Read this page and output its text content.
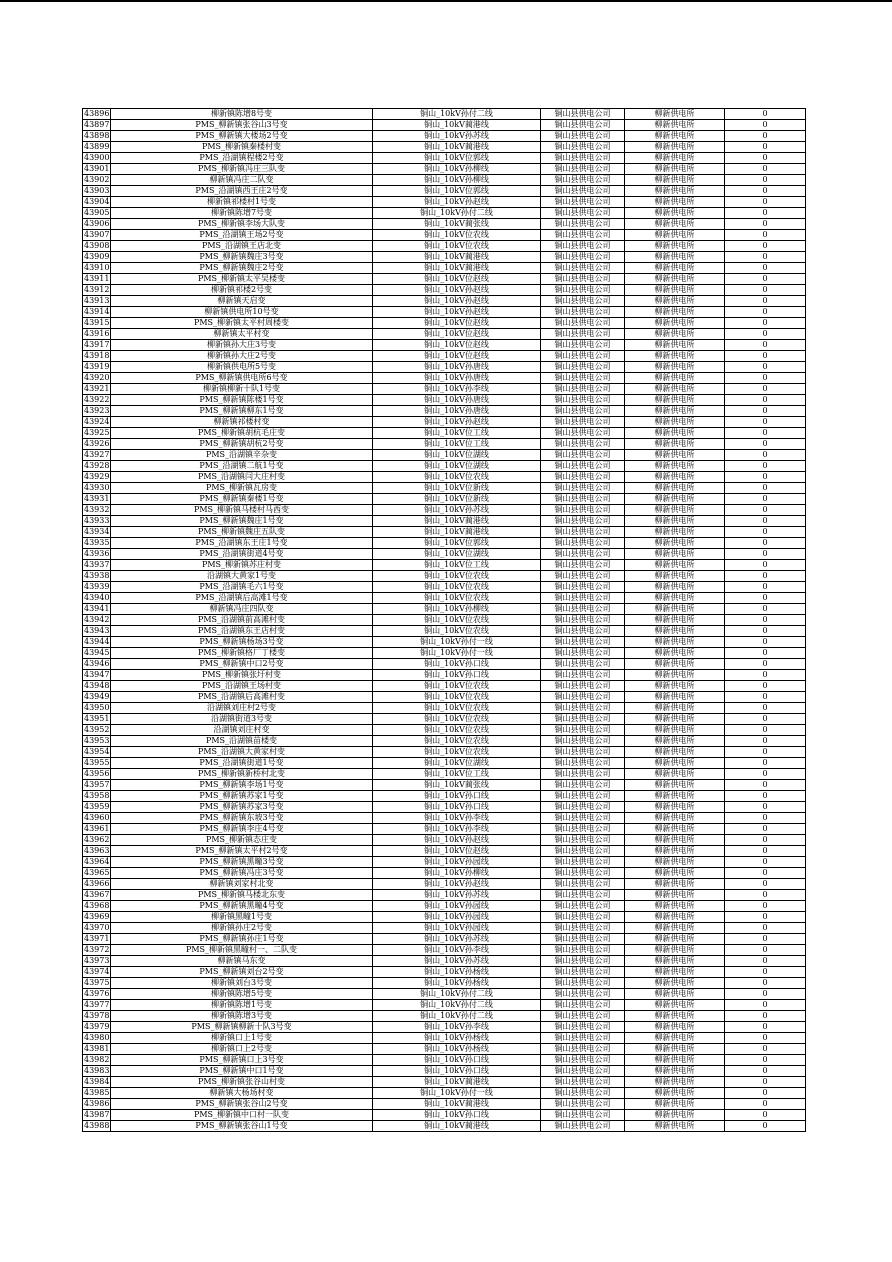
43896	柳新镇陈增8号变	铜山_10kV孙付二线	铜山县供电公司	柳新供电所	0
43897	PMS_柳新镇张谷山3号变	铜山_10kV蔺港线	铜山县供电公司	柳新供电所	0
43898	PMS_柳新镇大楼场2号变	铜山_10kV孙苏线	铜山县供电公司	柳新供电所	0
43899	PMS_柳新镇秦楼村变	铜山_10kV蔺港线	铜山县供电公司	柳新供电所	0
43900	PMS_沿湖镇程楼2号变	铜山_10kV位郭线	铜山县供电公司	柳新供电所	0
43901	PMS_柳新镇冯庄三队变	铜山_10kV孙柳线	铜山县供电公司	柳新供电所	0
43902	柳新镇冯庄二队变	铜山_10kV孙柳线	铜山县供电公司	柳新供电所	0
43903	PMS_沿湖镇西王庄2号变	铜山_10kV位郭线	铜山县供电公司	柳新供电所	0
43904	柳新镇祁楼村1号变	铜山_10kV孙赵线	铜山县供电公司	柳新供电所	0
43905	柳新镇陈增7号变	铜山_10kV孙付二线	铜山县供电公司	柳新供电所	0
43906	PMS_柳新镇李场大队变	铜山_10kV蔺张线	铜山县供电公司	柳新供电所	0
43907	PMS_沿湖镇王场2号变	铜山_10kV位农线	铜山县供电公司	柳新供电所	0
43908	PMS_沿湖镇王店北变	铜山_10kV位农线	铜山县供电公司	柳新供电所	0
43909	PMS_柳新镇魏庄3号变	铜山_10kV蔺港线	铜山县供电公司	柳新供电所	0
43910	PMS_柳新镇魏庄2号变	铜山_10kV蔺港线	铜山县供电公司	柳新供电所	0
43911	PMS_柳新镇太平吴楼变	铜山_10kV位赵线	铜山县供电公司	柳新供电所	0
43912	柳新镇祁楼2号变	铜山_10kV孙赵线	铜山县供电公司	柳新供电所	0
43913	柳新镇天启变	铜山_10kV孙赵线	铜山县供电公司	柳新供电所	0
43914	柳新镇供电所10号变	铜山_10kV孙赵线	铜山县供电公司	柳新供电所	0
43915	PMS_柳新镇太平村周楼变	铜山_10kV位赵线	铜山县供电公司	柳新供电所	0
43916	柳新镇太平村变	铜山_10kV位赵线	铜山县供电公司	柳新供电所	0
43917	柳新镇孙大庄3号变	铜山_10kV位赵线	铜山县供电公司	柳新供电所	0
43918	柳新镇孙大庄2号变	铜山_10kV位赵线	铜山县供电公司	柳新供电所	0
43919	柳新镇供电所5号变	铜山_10kV孙唐线	铜山县供电公司	柳新供电所	0
43920	PMS_柳新镇供电所6号变	铜山_10kV孙唐线	铜山县供电公司	柳新供电所	0
43921	柳新镇柳新十队1号变	铜山_10kV孙李线	铜山县供电公司	柳新供电所	0
43922	PMS_柳新镇陈楼1号变	铜山_10kV孙唐线	铜山县供电公司	柳新供电所	0
43923	PMS_柳新镇柳东1号变	铜山_10kV孙唐线	铜山县供电公司	柳新供电所	0
43924	柳新镇祁楼村变	铜山_10kV孙赵线	铜山县供电公司	柳新供电所	0
43925	PMS_柳新镇胡杭毛庄变	铜山_10kV位工线	铜山县供电公司	柳新供电所	0
43926	PMS_柳新镇胡杭2号变	铜山_10kV位工线	铜山县供电公司	柳新供电所	0
43927	PMS_沿湖镇辛杂变	铜山_10kV位湖线	铜山县供电公司	柳新供电所	0
43928	PMS_沿湖镇二航1号变	铜山_10kV位湖线	铜山县供电公司	柳新供电所	0
43929	PMS_沿湖镇闫大庄村变	铜山_10kV位农线	铜山县供电公司	柳新供电所	0
43930	PMS_柳新镇瓦房变	铜山_10kV位新线	铜山县供电公司	柳新供电所	0
43931	PMS_柳新镇秦楼1号变	铜山_10kV位新线	铜山县供电公司	柳新供电所	0
43932	PMS_柳新镇马楼村马西变	铜山_10kV孙苏线	铜山县供电公司	柳新供电所	0
43933	PMS_柳新镇魏庄1号变	铜山_10kV蔺港线	铜山县供电公司	柳新供电所	0
43934	PMS_柳新镇魏庄五队变	铜山_10kV蔺港线	铜山县供电公司	柳新供电所	0
43935	PMS_沿湖镇东王庄1号变	铜山_10kV位郭线	铜山县供电公司	柳新供电所	0
43936	PMS_沿湖镇街道4号变	铜山_10kV位湖线	铜山县供电公司	柳新供电所	0
43937	PMS_柳新镇苏庄村变	铜山_10kV位工线	铜山县供电公司	柳新供电所	0
43938	沿湖镇大黄家1号变	铜山_10kV位农线	铜山县供电公司	柳新供电所	0
43939	PMS_沿湖镇毛六1号变	铜山_10kV位农线	铜山县供电公司	柳新供电所	0
43940	PMS_沿湖镇后高滩1号变	铜山_10kV位农线	铜山县供电公司	柳新供电所	0
43941	柳新镇冯庄四队变	铜山_10kV孙柳线	铜山县供电公司	柳新供电所	0
43942	PMS_沿湖镇前高滩村变	铜山_10kV位农线	铜山县供电公司	柳新供电所	0
43943	PMS_沿湖镇东王店村变	铜山_10kV位农线	铜山县供电公司	柳新供电所	0
43944	PMS_柳新镇杨场3号变	铜山_10kV孙付一线	铜山县供电公司	柳新供电所	0
43945	PMS_柳新镇格厂丁楼变	铜山_10kV孙付一线	铜山县供电公司	柳新供电所	0
43946	PMS_柳新镇中口2号变	铜山_10kV孙口线	铜山县供电公司	柳新供电所	0
43947	PMS_柳新镇张圩村变	铜山_10kV孙口线	铜山县供电公司	柳新供电所	0
43948	PMS_沿湖镇王场村变	铜山_10kV位农线	铜山县供电公司	柳新供电所	0
43949	PMS_沿湖镇后高滩村变	铜山_10kV位农线	铜山县供电公司	柳新供电所	0
43950	沿湖镇刘庄村2号变	铜山_10kV位农线	铜山县供电公司	柳新供电所	0
43951	沿湖镇街道3号变	铜山_10kV位农线	铜山县供电公司	柳新供电所	0
43952	沿湖镇刘庄村变	铜山_10kV位农线	铜山县供电公司	柳新供电所	0
43953	PMS_沿湖镇苗楼变	铜山_10kV位农线	铜山县供电公司	柳新供电所	0
43954	PMS_沿湖镇大黄家村变	铜山_10kV位农线	铜山县供电公司	柳新供电所	0
43955	PMS_沿湖镇街道1号变	铜山_10kV位湖线	铜山县供电公司	柳新供电所	0
43956	PMS_柳新镇新桥村北变	铜山_10kV位工线	铜山县供电公司	柳新供电所	0
43957	PMS_柳新镇李场1号变	铜山_10kV蔺张线	铜山县供电公司	柳新供电所	0
43958	PMS_柳新镇苏家1号变	铜山_10kV孙口线	铜山县供电公司	柳新供电所	0
43959	PMS_柳新镇苏家3号变	铜山_10kV孙口线	铜山县供电公司	柳新供电所	0
43960	PMS_柳新镇东坡3号变	铜山_10kV孙李线	铜山县供电公司	柳新供电所	0
43961	PMS_柳新镇李庄4号变	铜山_10kV孙李线	铜山县供电公司	柳新供电所	0
43962	PMS_柳新镇态庄变	铜山_10kV孙赵线	铜山县供电公司	柳新供电所	0
43963	PMS_柳新镇太平村2号变	铜山_10kV位赵线	铜山县供电公司	柳新供电所	0
43964	PMS_柳新镇黑疃3号变	铜山_10kV孙园线	铜山县供电公司	柳新供电所	0
43965	PMS_柳新镇冯庄3号变	铜山_10kV孙柳线	铜山县供电公司	柳新供电所	0
43966	柳新镇刘家村北变	铜山_10kV孙赵线	铜山县供电公司	柳新供电所	0
43967	PMS_柳新镇马楼北东变	铜山_10kV孙苏线	铜山县供电公司	柳新供电所	0
43968	PMS_柳新镇黑疃4号变	铜山_10kV孙园线	铜山县供电公司	柳新供电所	0
43969	柳新镇黑疃1号变	铜山_10kV孙园线	铜山县供电公司	柳新供电所	0
43970	柳新镇孙庄2号变	铜山_10kV孙园线	铜山县供电公司	柳新供电所	0
43971	PMS_柳新镇孙庄1号变	铜山_10kV孙苏线	铜山县供电公司	柳新供电所	0
43972	PMS_柳新镇黑疃村一、二队变	铜山_10kV孙李线	铜山县供电公司	柳新供电所	0
43973	柳新镇马东变	铜山_10kV孙苏线	铜山县供电公司	柳新供电所	0
43974	PMS_柳新镇刘台2号变	铜山_10kV孙杨线	铜山县供电公司	柳新供电所	0
43975	柳新镇刘台3号变	铜山_10kV孙杨线	铜山县供电公司	柳新供电所	0
43976	柳新镇陈增5号变	铜山_10kV孙付二线	铜山县供电公司	柳新供电所	0
43977	柳新镇陈增1号变	铜山_10kV孙付二线	铜山县供电公司	柳新供电所	0
43978	柳新镇陈增3号变	铜山_10kV孙付二线	铜山县供电公司	柳新供电所	0
43979	PMS_柳新镇柳新十队3号变	铜山_10kV孙李线	铜山县供电公司	柳新供电所	0
43980	柳新镇口上1号变	铜山_10kV孙杨线	铜山县供电公司	柳新供电所	0
43981	柳新镇口上2号变	铜山_10kV孙杨线	铜山县供电公司	柳新供电所	0
43982	PMS_柳新镇口上3号变	铜山_10kV孙口线	铜山县供电公司	柳新供电所	0
43983	PMS_柳新镇中口1号变	铜山_10kV孙口线	铜山县供电公司	柳新供电所	0
43984	PMS_柳新镇张谷山村变	铜山_10kV蔺港线	铜山县供电公司	柳新供电所	0
43985	柳新镇大杨场村变	铜山_10kV孙付一线	铜山县供电公司	柳新供电所	0
43986	PMS_柳新镇张谷山2号变	铜山_10kV蔺港线	铜山县供电公司	柳新供电所	0
43987	PMS_柳新镇中口村一队变	铜山_10kV孙口线	铜山县供电公司	柳新供电所	0
43988	PMS_柳新镇张谷山1号变	铜山_10kV蔺港线	铜山县供电公司	柳新供电所	0
